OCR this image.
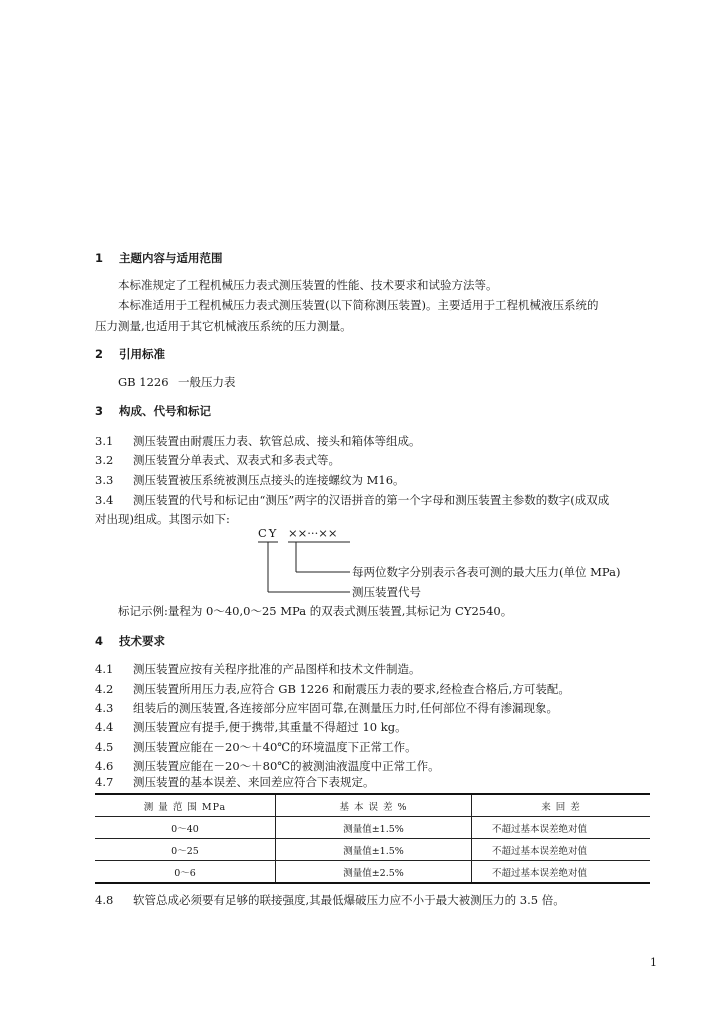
1 主题内容与适用范围
本标准规定了工程机械压力表式测压装置的性能、技术要求和试验方法等。
本标准适用于工程机械压力表式测压装置(以下简称测压装置)。主要适用于工程机械液压系统的
压力测量,也适用于其它机械液压系统的压力测量。
2 引用标准
GB 1226 一般压力表
3 构成、代号和标记
3.1 测压装置由耐震压力表、软管总成、接头和箱体等组成。
3.2 测压装置分单表式、双表式和多表式等。
3.3 测压装置被压系统被测压点接头的连接螺纹为 M16。
3.4 测压装置的代号和标记由“测压”两字的汉语拼音的第一个字母和测压装置主参数的数字(成双成
对出现)组成。其图示如下:
CY ××···××
每两位数字分别表示各表可测的最大压力(单位 MPa)
测压装置代号
标记示例:量程为 0～40,0～25 MPa 的双表式测压装置,其标记为 CY2540。
4 技术要求
4.1 测压装置应按有关程序批准的产品图样和技术文件制造。
4.2 测压装置所用压力表,应符合 GB 1226 和耐震压力表的要求,经检查合格后,方可装配。
4.3 组装后的测压装置,各连接部分应牢固可靠,在测量压力时,任何部位不得有渗漏现象。
4.4 测压装置应有提手,便于携带,其重量不得超过 10 kg。
4.5 测压装置应能在－20～＋40℃的环境温度下正常工作。
4.6 测压装置应能在－20～＋80℃的被测油液温度中正常工作。
4.7 测压装置的基本误差、来回差应符合下表规定。
测 量 范 围 MPa	基 本 误 差 %	来 回 差
0～40	测量值±1.5%	不超过基本误差绝对值
0～25	测量值±1.5%	不超过基本误差绝对值
0～6	测量值±2.5%	不超过基本误差绝对值
4.8 软管总成必须要有足够的联接强度,其最低爆破压力应不小于最大被测压力的 3.5 倍。
1
